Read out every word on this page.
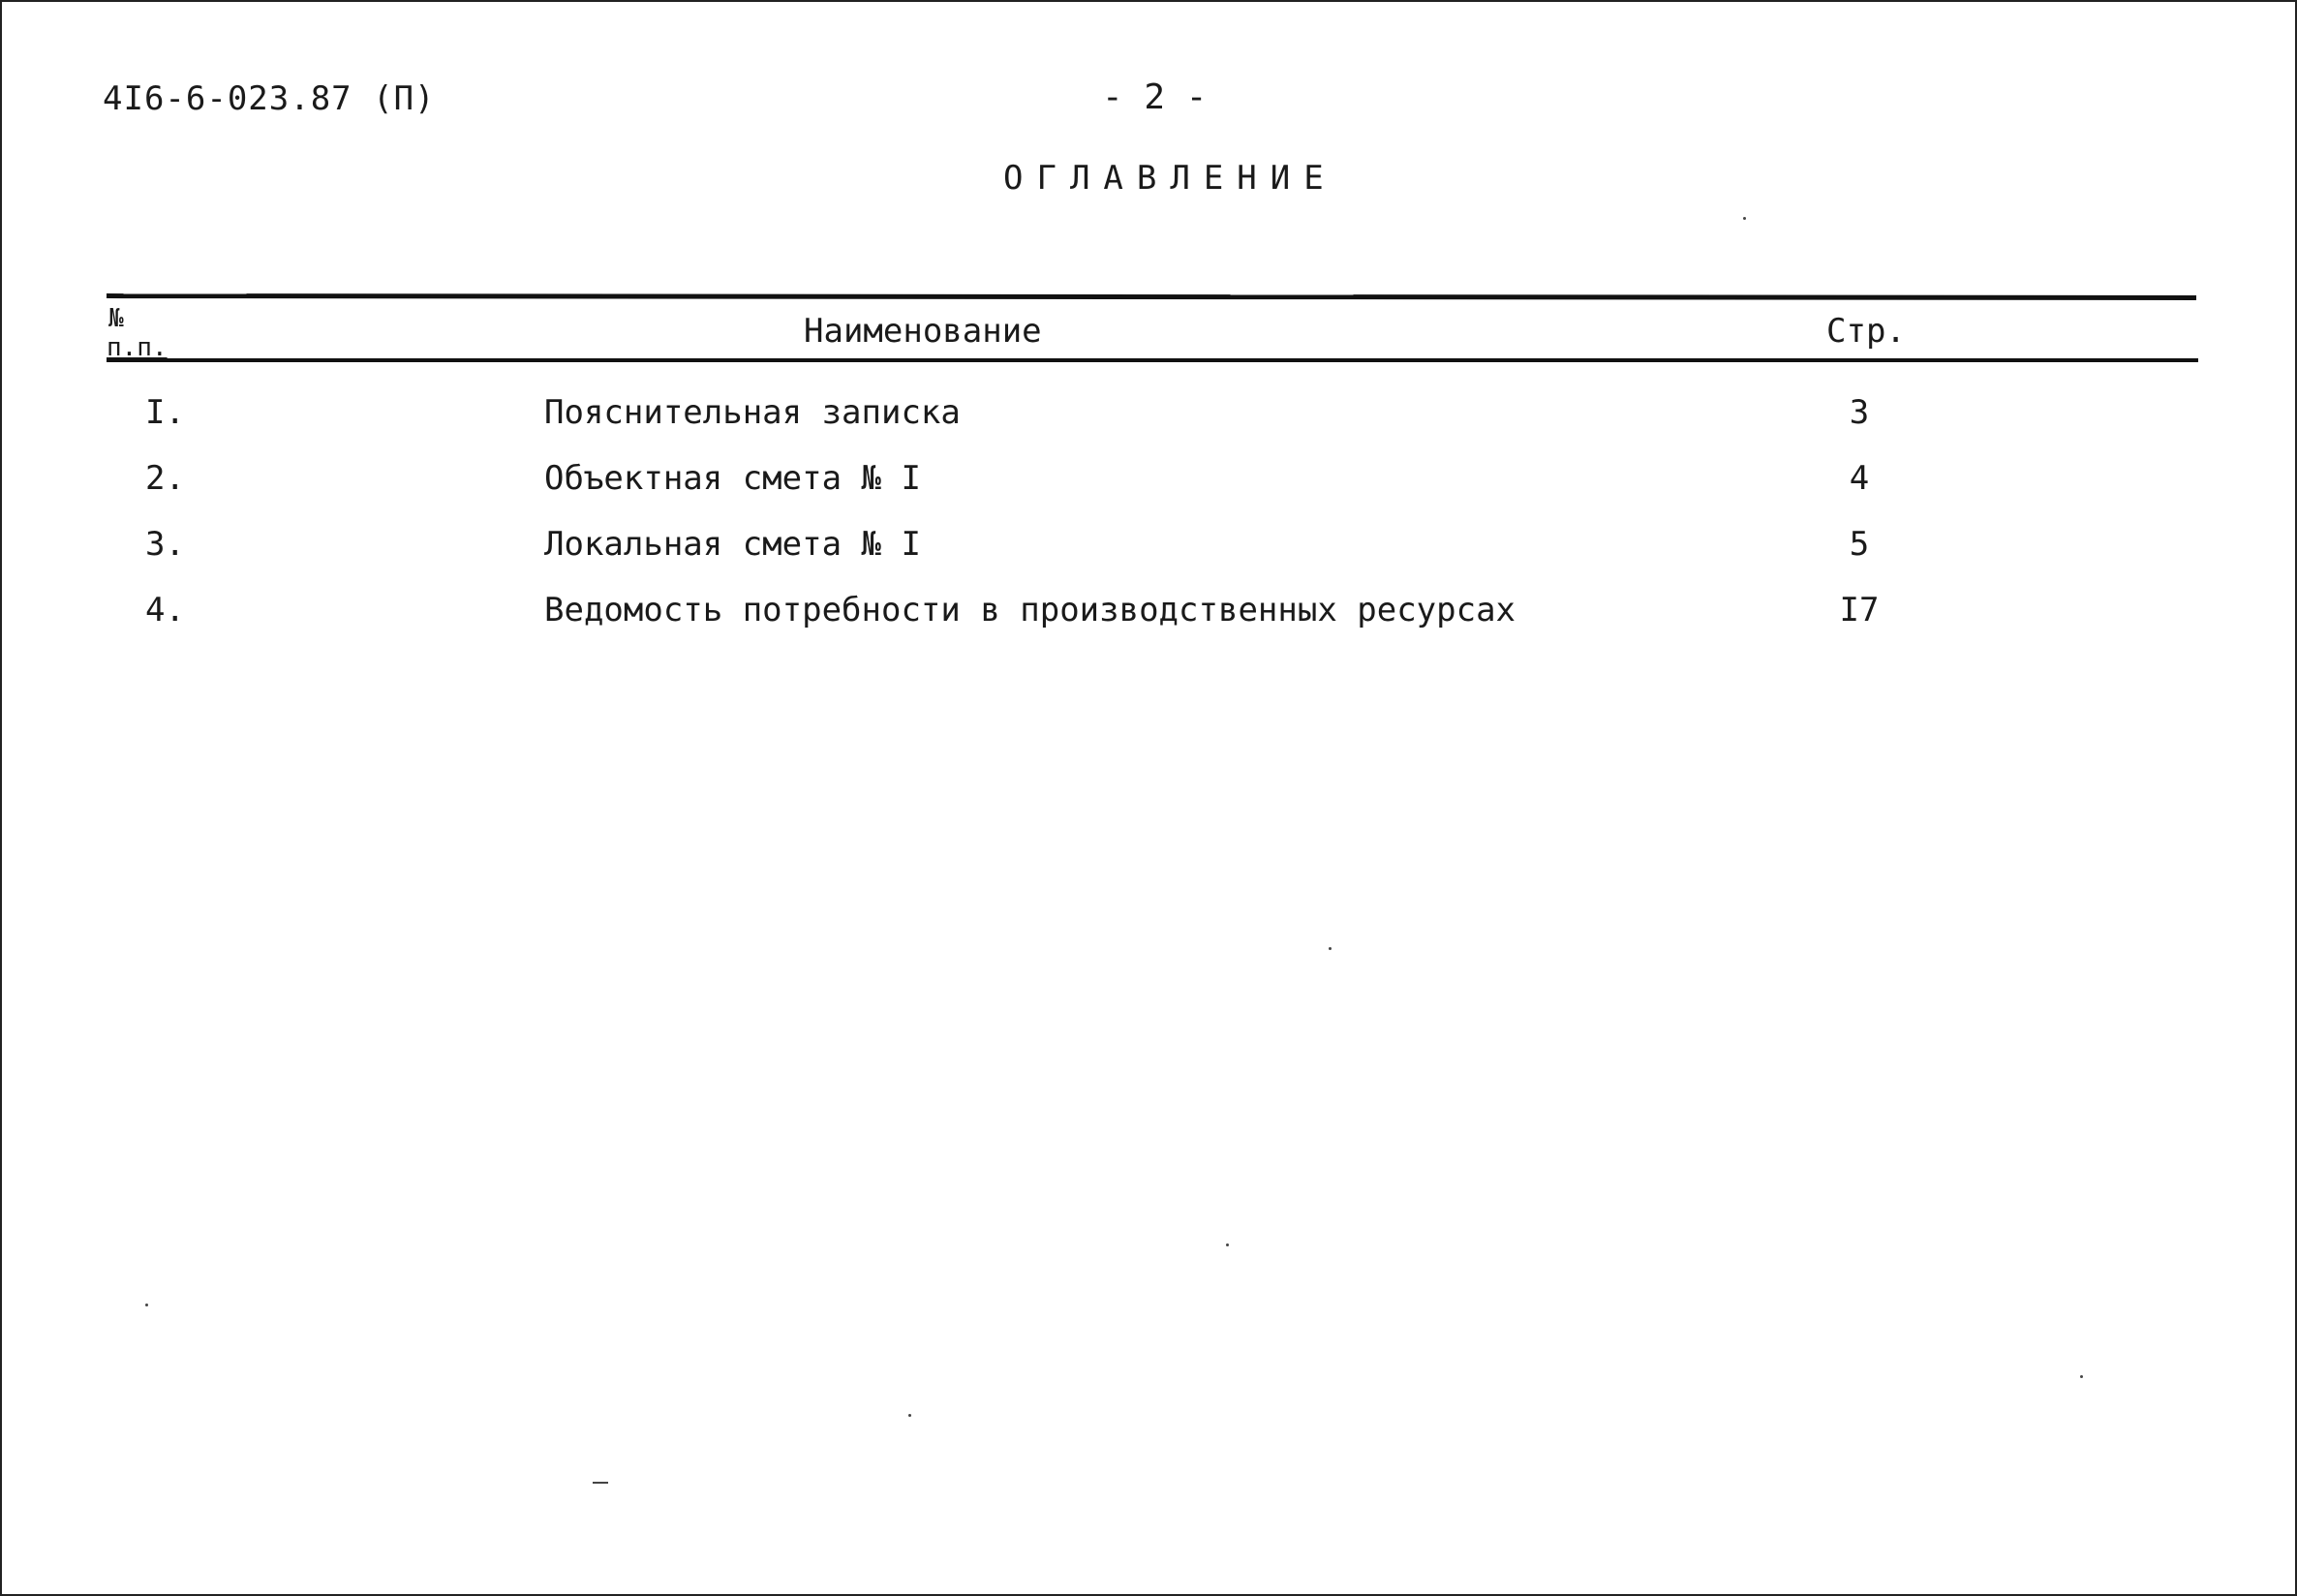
4I6-6-023.87 (П)	- 2 -
ОГЛАВЛЕНИЕ
№
п.п.	Наименование	Стр.
I.	Пояснительная записка	3
2.	Объектная смета № I	4
3.	Локальная смета № I	5
4.	Ведомость потребности в производственных ресурсах	I7
